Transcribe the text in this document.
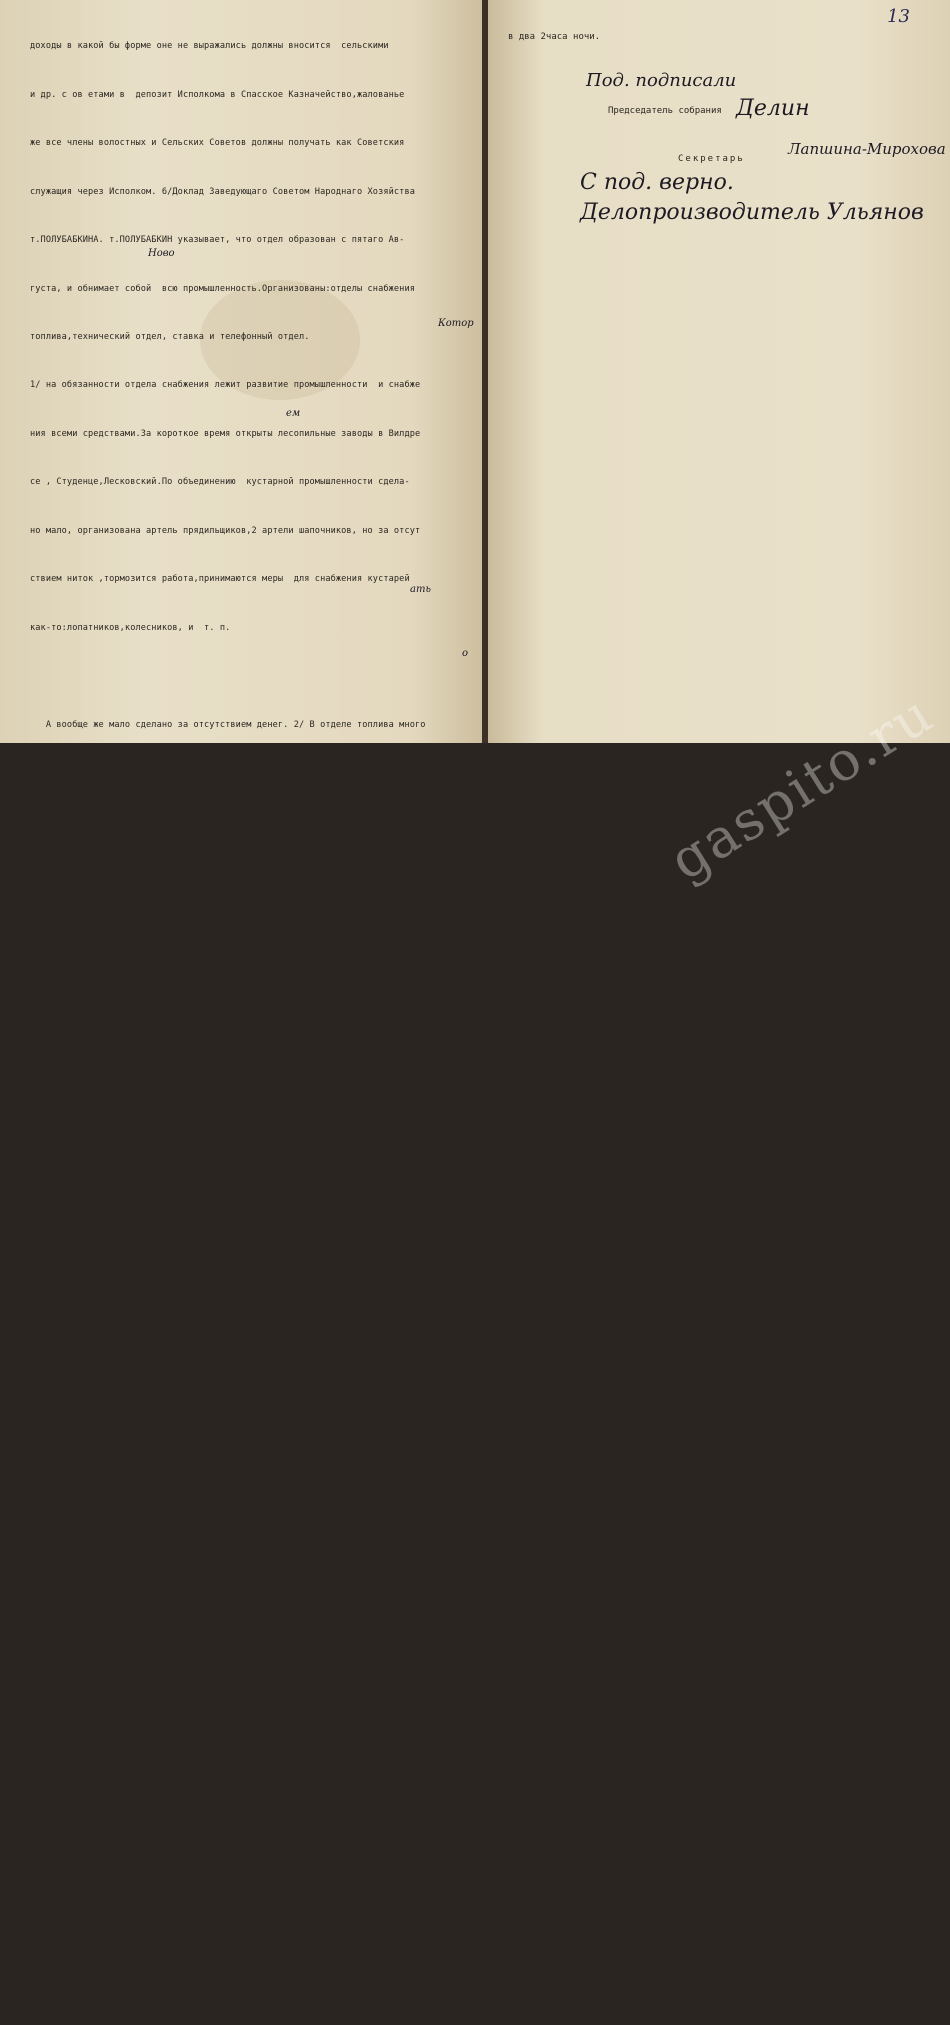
доходы в какой бы форме оне не выражались должны вносится  сельскими

и др. с ов етами в  депозит Исполкома в Спасское Казначейство,жалованье

же все члены волостных и Сельских Советов должны получать как Советския

служащия через Исполком. 6/Доклад Заведующаго Советом Народнаго Хозяйства

т.ПОЛУБАБКИНА. т.ПОЛУБАБКИН указывает, что отдел образован с пятаго Ав-

густа, и обнимает собой  всю промышленность.Организованы:отделы снабжения

топлива,технический отдел, ставка и телефонный отдел.

1/ на обязанности отдела снабжения лежит развитие промышленности  и снабже

ния всеми средствами.За короткое время открыты лесопильные заводы в Вилдре

се , Студенце,Лесковский.По объединению  кустарной промышленности сдела-

но мало, организована артель прядильщиков,2 артели шапочников, но за отсут

ствием ниток ,тормозится работа,принимаются меры  для снабжения кустарей

как-то:лопатников,колесников, и  т. п.

А вообще же мало сделано за отсутствием денег. 2/ В отделе топлива много

помощи  оказала  Ново-Залесковская артель по заготовке дров, пока пользуют-

ся  дров ами  бывшей еще заготовки, для новой же заготовки необходимы боль-

шия средства, которые отсутсвовать  в критическом положении обстоит перевозка

ка дров, т. к. назнач ается цена  за перевозку дров, куб сажени  100р.

слишком мало  и для   усеелния подвоза пришлос назначить цену в 300руб.

3/ Телефонная сет  в  полнейшем расстройстве,  расход превышает  в три

раза  доход   для постановки дела  на должную  высоту необходимы колоссаль

ные средства.4/ Дорожный отдел также поставлен плохо за отсутствием средст

5/ Также кожевенное дело встало  со взятием кожи на учет,  которая лежит

бездействии, почему   он по своему  поч ину и решает  пустит ее в ход.

В общей промышленности нач инает оживать и в будущем  надеется  разовьется

шире. По докладу о ставках постановлено: все ставки  передат  в руки Со-

вета, разработку проекта  передачи ставки в руки совета и поручит совету

Народнаго Хозяйства.

Задается вопрос:  принимаются ли меры  к снабжению фабрики  Суворовой.

Ответ:  снабжается всем.

По этому вопросу открывается ряд  прений  в результате  которых прини-

мается предложение тов: Сафонова, немедленно совету  нархоза  с отделом

труда ехат на место  и организоват  фабрич ный комитет,  дат  телеграмму

техникумов  высылке  специалистов для принятия  фабрики на учет , которая

временно должна быть  в совнархозе.

По докладу о телефонной сети в виду разъяснения прений постановлено принят

предложение т. Лобзенкова: снят вопрос  с очереди и поручит Исполкому выр-

аботать проект  для поднятия доходности сети  и правильной ея постановки.

За поздним временем и усталостью членов  остальные вопросы откладываются до

очереднаго  собрания и после пения революционных песен собрание закрывается

Ново
Котор
ать
о
ем
13
в два 2часа ночи.
Под. подписали
Председатель собрания Делин
Секретарь
Лапшина-Мирохова
С под. верно.
Делопроизводитель Ульянов
gaspito.ru
